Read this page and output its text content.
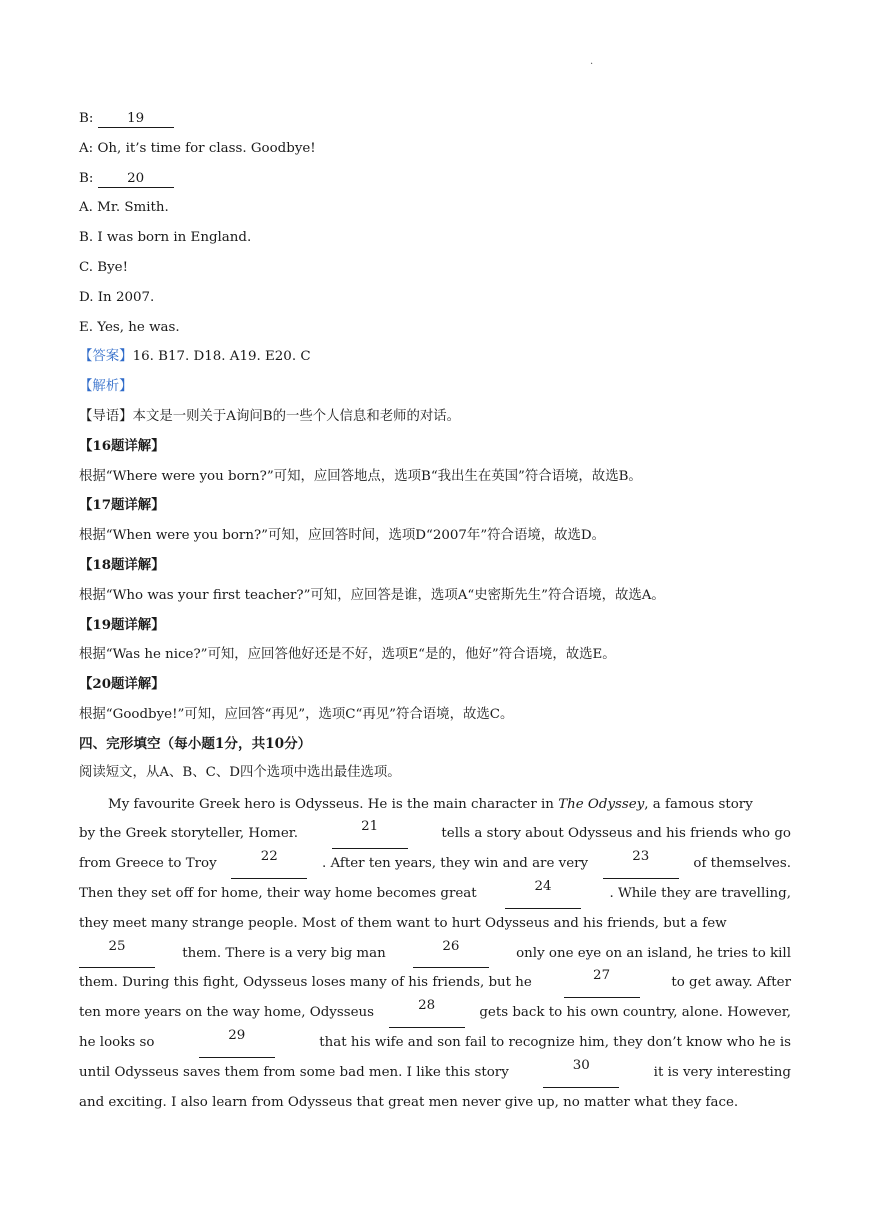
.
B:	19
A: Oh, it’s time for class. Goodbye!
B:	20
A. Mr. Smith.
B. I was born in England.
C. Bye!
D. In 2007.
E. Yes, he was.
【答案】16. B17. D18. A19. E20. C
【解析】
【导语】本文是一则关于A询问B的一些个人信息和老师的对话。
【16题详解】
根据“Where were you born?”可知，应回答地点，选项B“我出生在英国”符合语境，故选B。
【17题详解】
根据“When were you born?”可知，应回答时间，选项D“2007年”符合语境，故选D。
【18题详解】
根据“Who was your first teacher?”可知，应回答是谁，选项A“史密斯先生”符合语境，故选A。
【19题详解】
根据“Was he nice?”可知，应回答他好还是不好，选项E“是的，他好”符合语境，故选E。
【20题详解】
根据“Goodbye!”可知，应回答“再见”，选项C“再见”符合语境，故选C。
四、完形填空（每小题1分，共10分）
阅读短文，从A、B、C、D四个选项中选出最佳选项。
My favourite Greek hero is Odysseus. He is the main character in The Odyssey, a famous story
by the Greek storyteller, Homer.	21	tells a story about Odysseus and his friends who go
from Greece to Troy	22	. After ten years, they win and are very	23	of themselves.
Then they set off for home, their way home becomes great	24	. While they are travelling,
they meet many strange people. Most of them want to hurt Odysseus and his friends, but a few
25	them. There is a very big man	26	only one eye on an island, he tries to kill
them. During this fight, Odysseus loses many of his friends, but he	27	to get away. After
ten more years on the way home, Odysseus	28	gets back to his own country, alone. However,
he looks so	29	that his wife and son fail to recognize him, they don’t know who he is
until Odysseus saves them from some bad men. I like this story	30	it is very interesting
and exciting. I also learn from Odysseus that great men never give up, no matter what they face.
